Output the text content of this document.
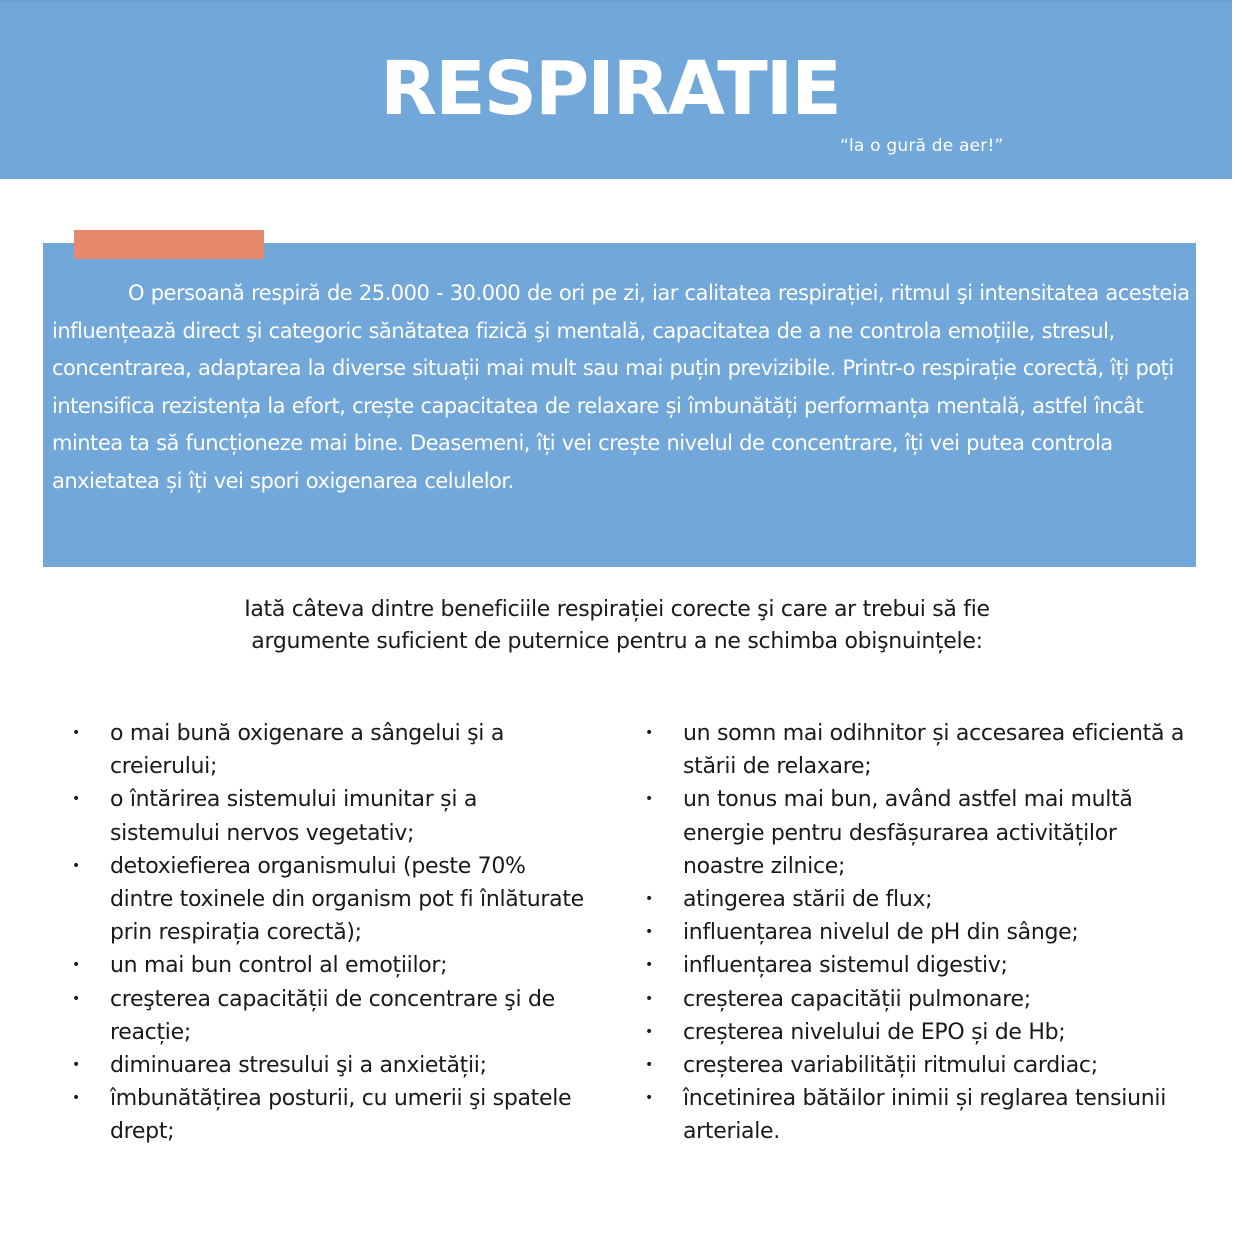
RESPIRATIE
“la o gură de aer!”

O persoană respiră de 25.000 - 30.000 de ori pe zi, iar calitatea respirației, ritmul şi intensitatea acesteia influențează direct şi categoric sănătatea fizică şi mentală, capacitatea de a ne controla emoțiile, stresul, concentrarea, adaptarea la diverse situații mai mult sau mai puțin previzibile. Printr-o respirație corectă, îți poți intensifica rezistența la efort, crește capacitatea de relaxare și îmbunătăți performanța mentală, astfel încât mintea ta să funcționeze mai bine. Deasemeni, îți vei crește nivelul de concentrare, îți vei putea controla anxietatea și îți vei spori oxigenarea celulelor.

Iată câteva dintre beneficiile respirației corecte şi care ar trebui să fie
argumente suficient de puternice pentru a ne schimba obişnuințele:

• o mai bună oxigenare a sângelui şi a creierului;
• o întărirea sistemului imunitar și a sistemului nervos vegetativ;
• detoxiefierea organismului (peste 70% dintre toxinele din organism pot fi înlăturate prin respirația corectă);
• un mai bun control al emoțiilor;
• creşterea capacității de concentrare şi de reacție;
• diminuarea stresului şi a anxietății;
• îmbunătățirea posturii, cu umerii şi spatele drept;
• un somn mai odihnitor și accesarea eficientă a stării de relaxare;
• un tonus mai bun, având astfel mai multă energie pentru desfășurarea activităților noastre zilnice;
• atingerea stării de flux;
• influențarea nivelul de pH din sânge;
• influențarea sistemul digestiv;
• creșterea capacității pulmonare;
• creșterea nivelului de EPO și de Hb;
• creșterea variabilității ritmului cardiac;
• încetinirea bătăilor inimii și reglarea tensiunii arteriale.
